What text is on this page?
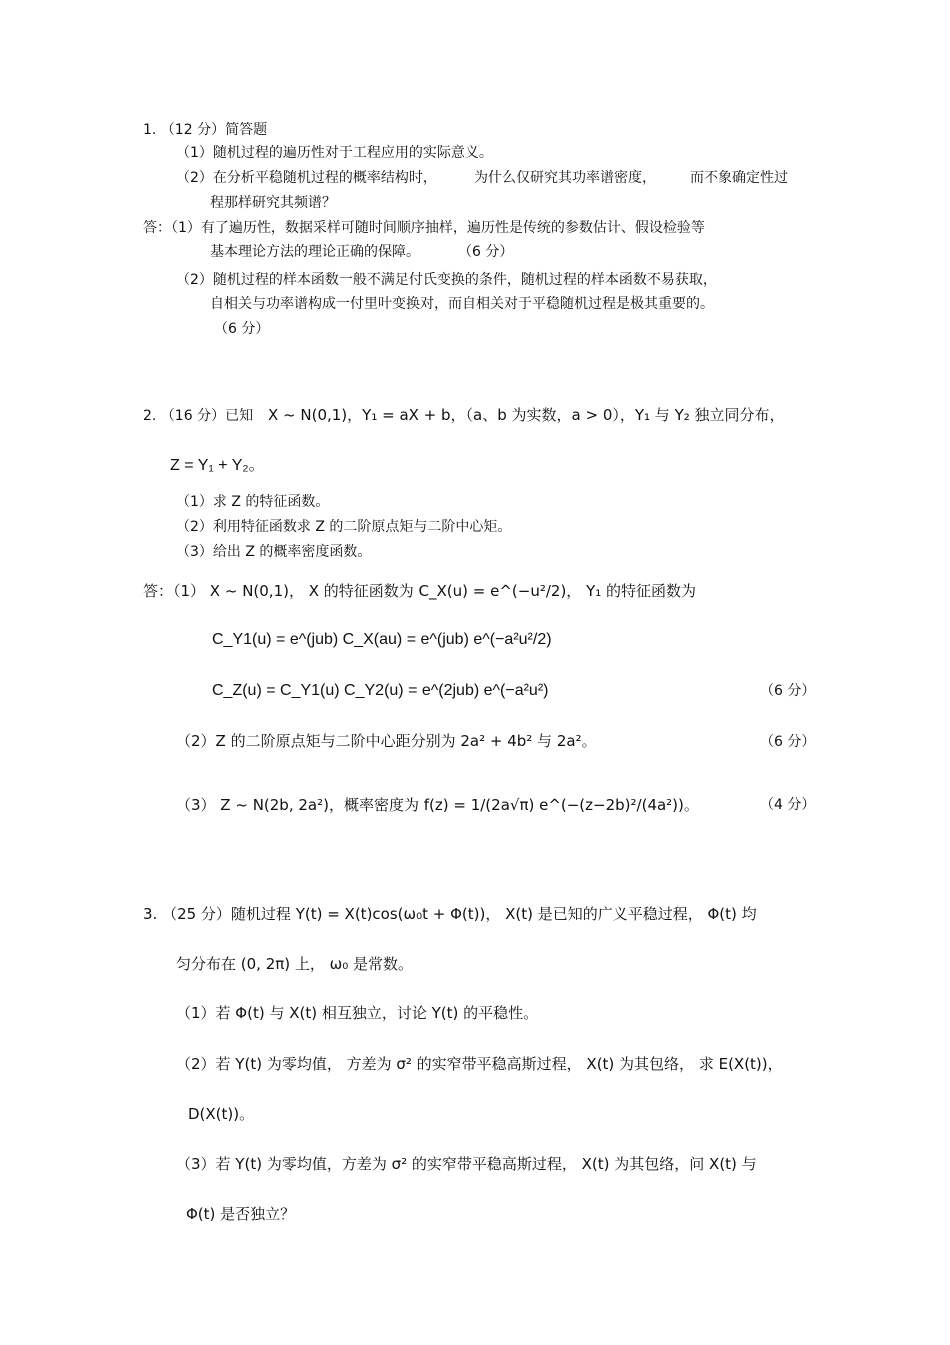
1. （12 分）简答题
（1）随机过程的遍历性对于工程应用的实际意义。
（2）在分析平稳随机过程的概率结构时，	为什么仅研究其功率谱密度， 而不象确定性过
程那样研究其频谱？
答：（1）有了遍历性，数据采样可随时间顺序抽样，遍历性是传统的参数估计、假设检验等
基本理论方法的理论正确的保障。	（6 分）
（2）随机过程的样本函数一般不满足付氏变换的条件，随机过程的样本函数不易获取，
自相关与功率谱构成一付里叶变换对，而自相关对于平稳随机过程是极其重要的。
（6 分）
2. （16 分）已知 X ~ N(0,1)，Y₁ = aX + b，（a、b 为实数，a > 0），Y₁ 与 Y₂ 独立同分布，
Z = Y₁ + Y₂。
（1）求 Z 的特征函数。
（2）利用特征函数求 Z 的二阶原点矩与二阶中心矩。
（3）给出 Z 的概率密度函数。
答：（1） X ~ N(0,1)， X 的特征函数为 C_X(u) = e^(−u²/2)， Y₁ 的特征函数为
C_Y1(u) = e^(jub) C_X(au) = e^(jub) e^(−a²u²/2)
C_Z(u) = C_Y1(u) C_Y2(u) = e^(2jub) e^(−a²u²)	（6 分）
（2）Z 的二阶原点矩与二阶中心距分别为 2a² + 4b² 与 2a²。	（6 分）
（3） Z ~ N(2b, 2a²)，概率密度为 f(z) = 1/(2a√π) e^(−(z−2b)²/(4a²))。	（4 分）
3. （25 分）随机过程 Y(t) = X(t)cos(ω₀t + Φ(t))， X(t) 是已知的广义平稳过程， Φ(t) 均
匀分布在 (0, 2π) 上， ω₀ 是常数。
（1）若 Φ(t) 与 X(t) 相互独立，讨论 Y(t) 的平稳性。
（2）若 Y(t) 为零均值， 方差为 σ² 的实窄带平稳高斯过程， X(t) 为其包络， 求 E(X(t))，
D(X(t))。
（3）若 Y(t) 为零均值，方差为 σ² 的实窄带平稳高斯过程， X(t) 为其包络，问 X(t) 与
Φ(t) 是否独立？
